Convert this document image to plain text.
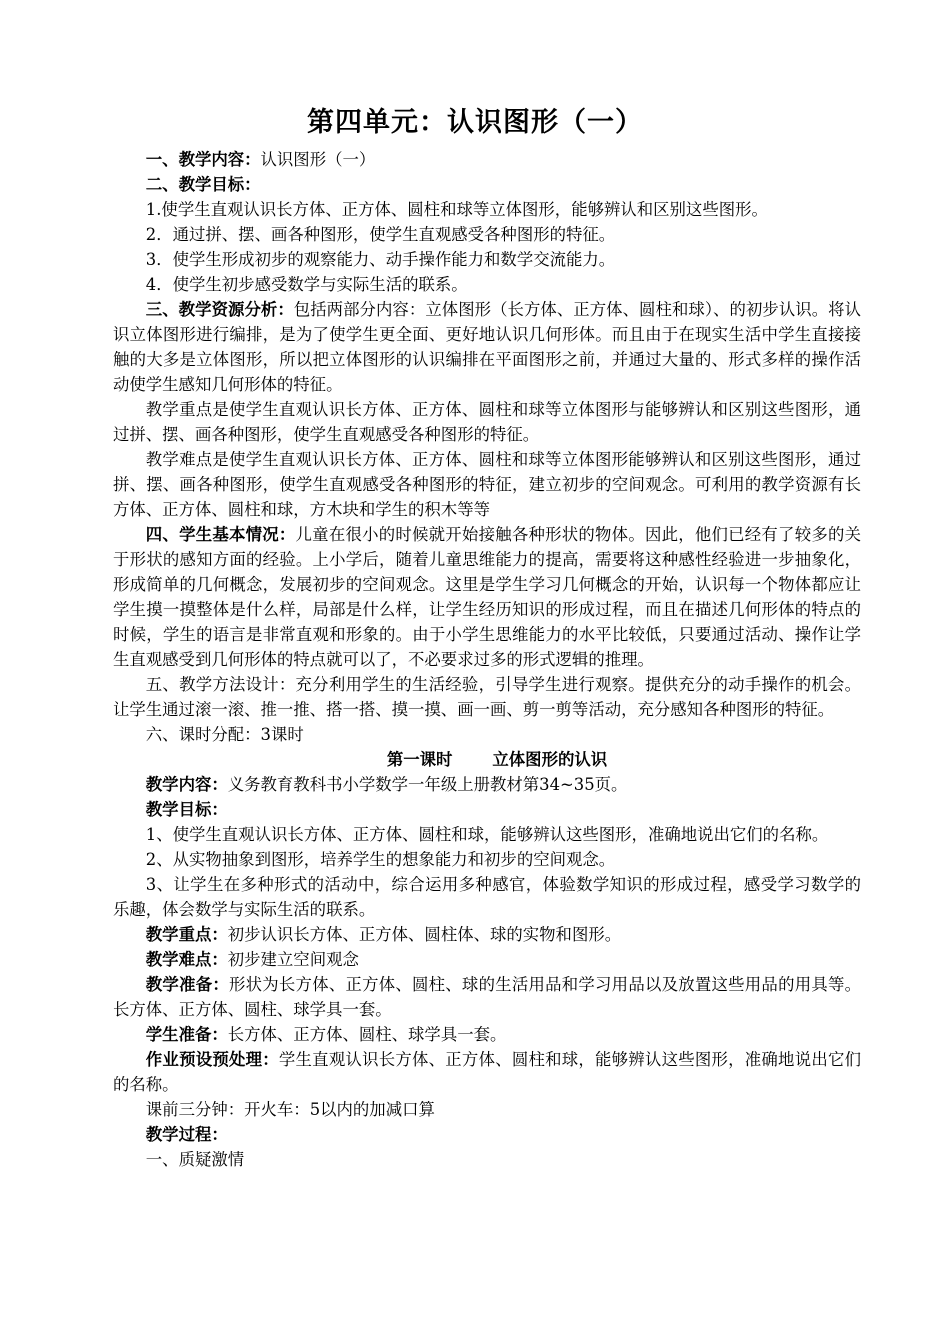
第四单元：认识图形（一）

一、教学内容：认识图形（一）

二、教学目标：

1.使学生直观认识长方体、正方体、圆柱和球等立体图形，能够辨认和区别这些图形。

2．通过拼、摆、画各种图形，使学生直观感受各种图形的特征。

3．使学生形成初步的观察能力、动手操作能力和数学交流能力。

4．使学生初步感受数学与实际生活的联系。

三、教学资源分析：包括两部分内容：立体图形（长方体、正方体、圆柱和球）、的初步认识。将认识立体图形进行编排，是为了使学生更全面、更好地认识几何形体。而且由于在现实生活中学生直接接触的大多是立体图形，所以把立体图形的认识编排在平面图形之前，并通过大量的、形式多样的操作活动使学生感知几何形体的特征。

教学重点是使学生直观认识长方体、正方体、圆柱和球等立体图形与能够辨认和区别这些图形，通过拼、摆、画各种图形，使学生直观感受各种图形的特征。

教学难点是使学生直观认识长方体、正方体、圆柱和球等立体图形能够辨认和区别这些图形，通过拼、摆、画各种图形，使学生直观感受各种图形的特征，建立初步的空间观念。可利用的教学资源有长方体、正方体、圆柱和球，方木块和学生的积木等等

四、学生基本情况：儿童在很小的时候就开始接触各种形状的物体。因此，他们已经有了较多的关于形状的感知方面的经验。上小学后，随着儿童思维能力的提高，需要将这种感性经验进一步抽象化，形成简单的几何概念，发展初步的空间观念。这里是学生学习几何概念的开始，认识每一个物体都应让学生摸一摸整体是什么样，局部是什么样，让学生经历知识的形成过程，而且在描述几何形体的特点的时候，学生的语言是非常直观和形象的。由于小学生思维能力的水平比较低，只要通过活动、操作让学生直观感受到几何形体的特点就可以了，不必要求过多的形式逻辑的推理。

五、教学方法设计：充分利用学生的生活经验，引导学生进行观察。提供充分的动手操作的机会。让学生通过滚一滚、推一推、搭一搭、摸一摸、画一画、剪一剪等活动，充分感知各种图形的特征。

六、课时分配：3课时

第一课时 立体图形的认识

教学内容：义务教育教科书小学数学一年级上册教材第34~35页。

教学目标：

1、使学生直观认识长方体、正方体、圆柱和球，能够辨认这些图形，准确地说出它们的名称。

2、从实物抽象到图形，培养学生的想象能力和初步的空间观念。

3、让学生在多种形式的活动中，综合运用多种感官，体验数学知识的形成过程，感受学习数学的乐趣，体会数学与实际生活的联系。

教学重点：初步认识长方体、正方体、圆柱体、球的实物和图形。

教学难点：初步建立空间观念

教学准备：形状为长方体、正方体、圆柱、球的生活用品和学习用品以及放置这些用品的用具等。 长方体、正方体、圆柱、球学具一套。

学生准备：长方体、正方体、圆柱、球学具一套。

作业预设预处理：学生直观认识长方体、正方体、圆柱和球，能够辨认这些图形，准确地说出它们的名称。

课前三分钟：开火车：5以内的加减口算

教学过程：

一、质疑激情
